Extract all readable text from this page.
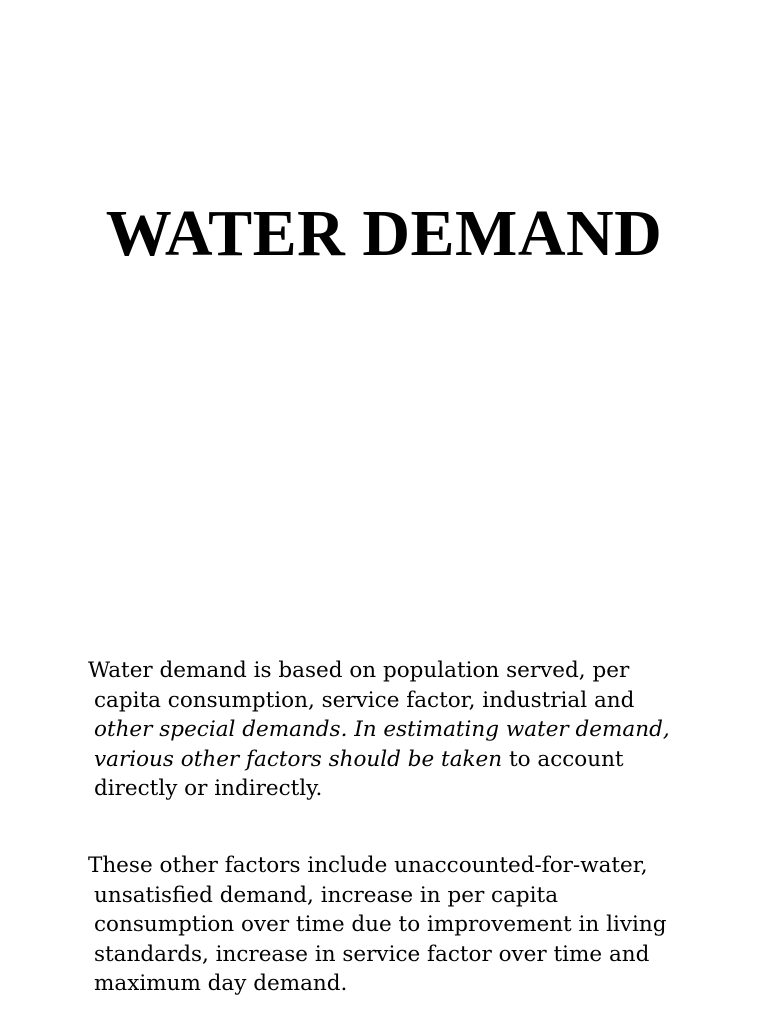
WATER DEMAND

Water demand is based on population served, per
capita consumption, service factor, industrial and
other special demands. In estimating water demand,
various other factors should be taken to account
directly or indirectly.

These other factors include unaccounted-for-water,
unsatisfied demand, increase in per capita
consumption over time due to improvement in living
standards, increase in service factor over time and
maximum day demand.
